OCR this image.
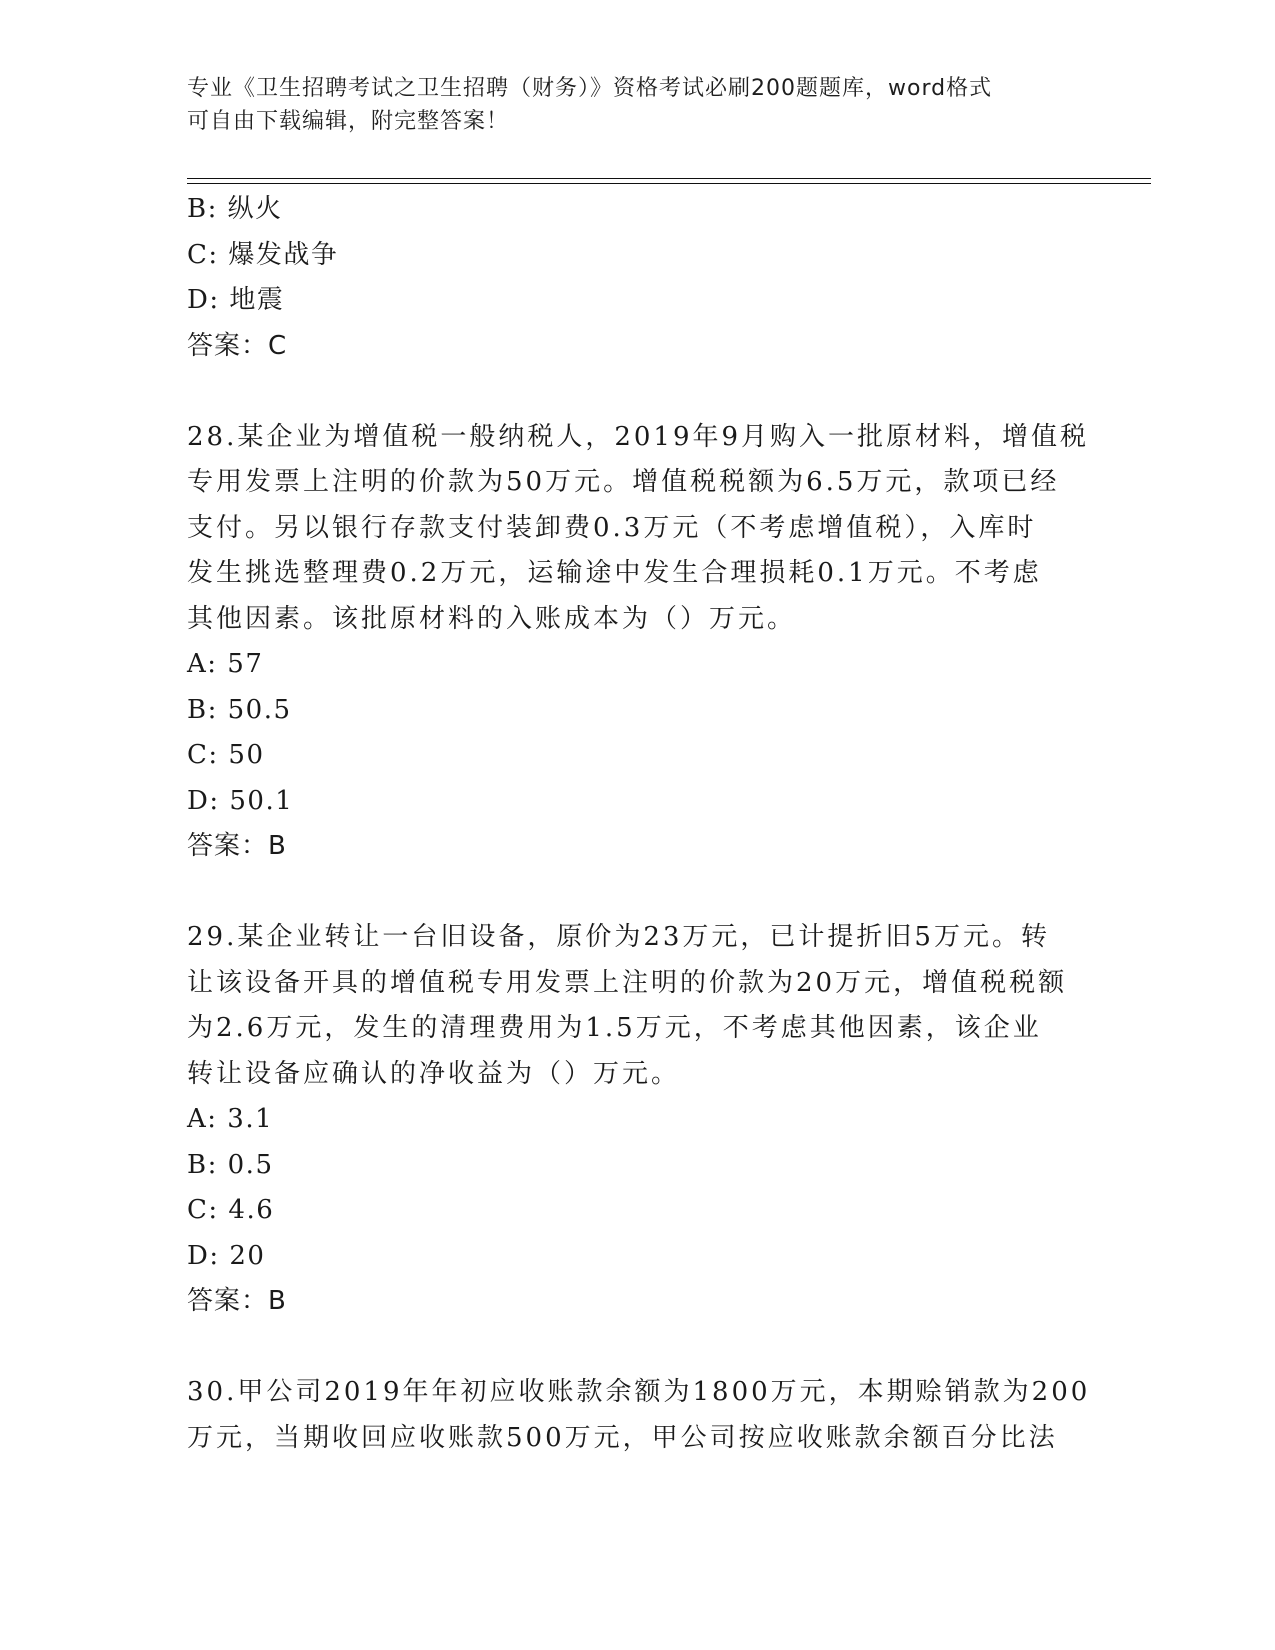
专业《卫生招聘考试之卫生招聘（财务）》资格考试必刷200题题库，word格式
可自由下载编辑，附完整答案！
B: 纵火
C: 爆发战争
D: 地震
答案：C
28.某企业为增值税一般纳税人，2019年9月购入一批原材料，增值税
专用发票上注明的价款为50万元。增值税税额为6.5万元，款项已经
支付。另以银行存款支付装卸费0.3万元（不考虑增值税），入库时
发生挑选整理费0.2万元，运输途中发生合理损耗0.1万元。不考虑
其他因素。该批原材料的入账成本为（）万元。
A: 57
B: 50.5
C: 50
D: 50.1
答案：B
29.某企业转让一台旧设备，原价为23万元，已计提折旧5万元。转
让该设备开具的增值税专用发票上注明的价款为20万元，增值税税额
为2.6万元，发生的清理费用为1.5万元，不考虑其他因素，该企业
转让设备应确认的净收益为（）万元。
A: 3.1
B: 0.5
C: 4.6
D: 20
答案：B
30.甲公司2019年年初应收账款余额为1800万元，本期赊销款为200
万元，当期收回应收账款500万元，甲公司按应收账款余额百分比法
